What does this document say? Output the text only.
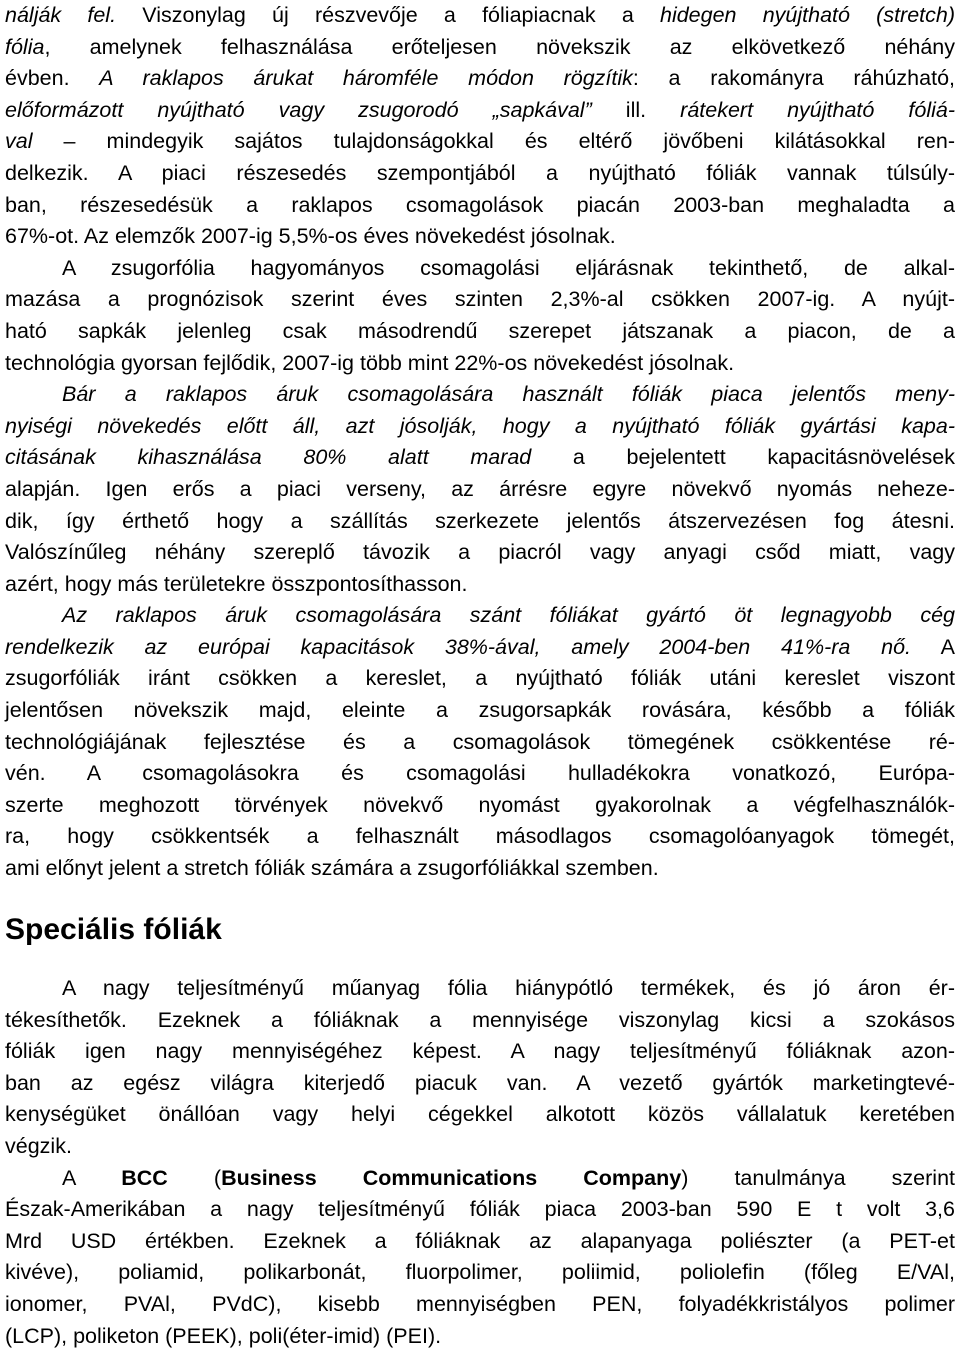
nálják fel. Viszonylag új részvevője a fóliapiacnak a hidegen nyújtható (stretch)
fólia, amelynek felhasználása erőteljesen növekszik az elkövetkező néhány
évben. A raklapos árukat háromféle módon rögzítik: a rakományra ráhúzható,
előformázott nyújtható vagy zsugorodó „sapkával” ill. rátekert nyújtható fóliá-
val – mindegyik sajátos tulajdonságokkal és eltérő jövőbeni kilátásokkal ren-
delkezik. A piaci részesedés szempontjából a nyújtható fóliák vannak túlsúly-
ban, részesedésük a raklapos csomagolások piacán 2003-ban meghaladta a
67%-ot. Az elemzők 2007-ig 5,5%-os éves növekedést jósolnak.
A zsugorfólia hagyományos csomagolási eljárásnak tekinthető, de alkal-
mazása a prognózisok szerint éves szinten 2,3%-al csökken 2007-ig. A nyújt-
ható sapkák jelenleg csak másodrendű szerepet játszanak a piacon, de a
technológia gyorsan fejlődik, 2007-ig több mint 22%-os növekedést jósolnak.
Bár a raklapos áruk csomagolására használt fóliák piaca jelentős meny-
nyiségi növekedés előtt áll, azt jósolják, hogy a nyújtható fóliák gyártási kapa-
citásának kihasználása 80% alatt marad a bejelentett kapacitásnövelések
alapján. Igen erős a piaci verseny, az árrésre egyre növekvő nyomás neheze-
dik, így érthető hogy a szállítás szerkezete jelentős átszervezésen fog átesni.
Valószínűleg néhány szereplő távozik a piacról vagy anyagi csőd miatt, vagy
azért, hogy más területekre összpontosíthasson.
Az raklapos áruk csomagolására szánt fóliákat gyártó öt legnagyobb cég
rendelkezik az európai kapacitások 38%-ával, amely 2004-ben 41%-ra nő. A
zsugorfóliák iránt csökken a kereslet, a nyújtható fóliák utáni kereslet viszont
jelentősen növekszik majd, eleinte a zsugorsapkák rovására, később a fóliák
technológiájának fejlesztése és a csomagolások tömegének csökkentése ré-
vén. A csomagolásokra és csomagolási hulladékokra vonatkozó, Európa-
szerte meghozott törvények növekvő nyomást gyakorolnak a végfelhasználók-
ra, hogy csökkentsék a felhasznált másodlagos csomagolóanyagok tömegét,
ami előnyt jelent a stretch fóliák számára a zsugorfóliákkal szemben.
Speciális fóliák
A nagy teljesítményű műanyag fólia hiánypótló termékek, és jó áron ér-
tékesíthetők. Ezeknek a fóliáknak a mennyisége viszonylag kicsi a szokásos
fóliák igen nagy mennyiségéhez képest. A nagy teljesítményű fóliáknak azon-
ban az egész világra kiterjedő piacuk van. A vezető gyártók marketingtevé-
kenységüket önállóan vagy helyi cégekkel alkotott közös vállalatuk keretében
végzik.
A BCC (Business Communications Company) tanulmánya szerint
Észak-Amerikában a nagy teljesítményű fóliák piaca 2003-ban 590 E t volt 3,6
Mrd USD értékben. Ezeknek a fóliáknak az alapanyaga poliészter (a PET-et
kivéve), poliamid, polikarbonát, fluorpolimer, poliimid, poliolefin (főleg E/VAl,
ionomer, PVAl, PVdC), kisebb mennyiségben PEN, folyadékkristályos polimer
(LCP), poliketon (PEEK), poli(éter-imid) (PEI).
